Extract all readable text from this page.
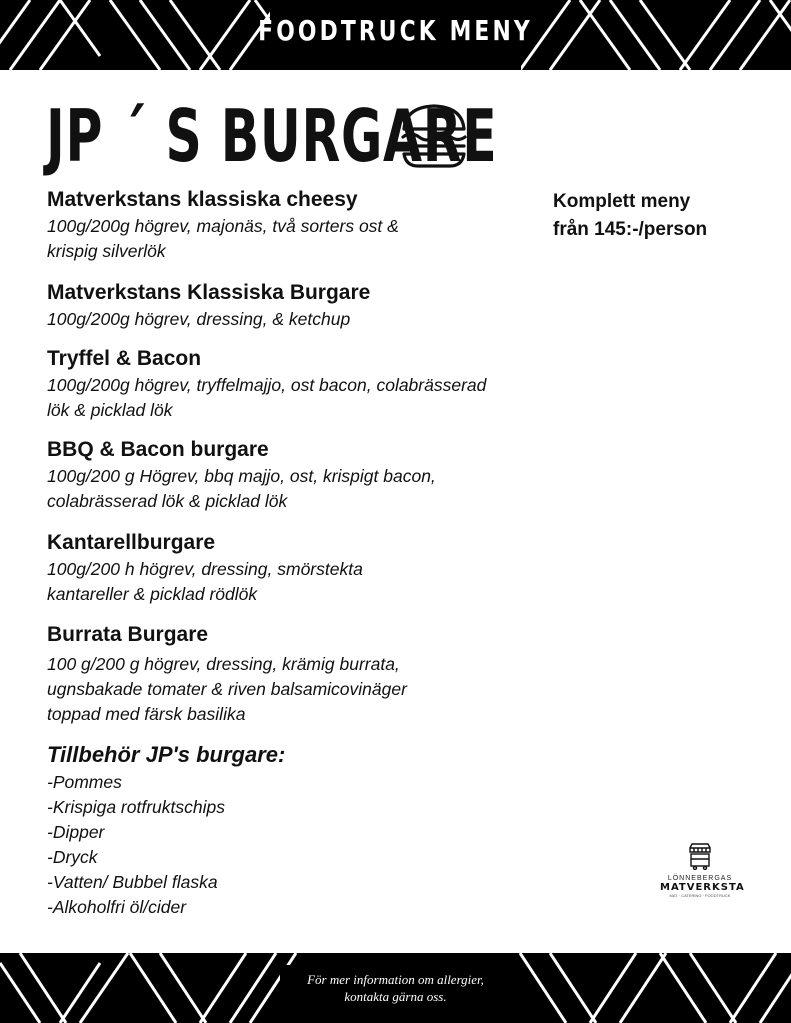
FOODTRUCK MENY
JP ´ S BURGARE
Matverkstans klassiska cheesy
100g/200g högrev, majonäs, två sorters ost &
krispig silverlök
Matverkstans Klassiska Burgare
100g/200g högrev, dressing, & ketchup
Tryffel & Bacon
100g/200g högrev, tryffelmajjo, ost bacon, colabrässerad
lök & picklad lök
BBQ & Bacon burgare
100g/200 g Högrev, bbq majjo, ost, krispigt bacon,
colabrässerad lök & picklad lök
Kantarellburgare
100g/200 h högrev, dressing, smörstekta
kantareller & picklad rödlök
Burrata Burgare
100 g/200 g högrev, dressing, krämig burrata,
ugnsbakade tomater & riven balsamicovinäger
toppad med färsk basilika
Komplett meny
från 145:-/person
Tillbehör JP's burgare:
-Pommes
-Krispiga rotfruktschips
-Dipper
-Dryck
-Vatten/ Bubbel flaska
-Alkoholfri öl/cider
LÖNNEBERGAS
MATVERKSTA
MAT · CATERING · FOODTRUCK
För mer information om allergier,
kontakta gärna oss.
